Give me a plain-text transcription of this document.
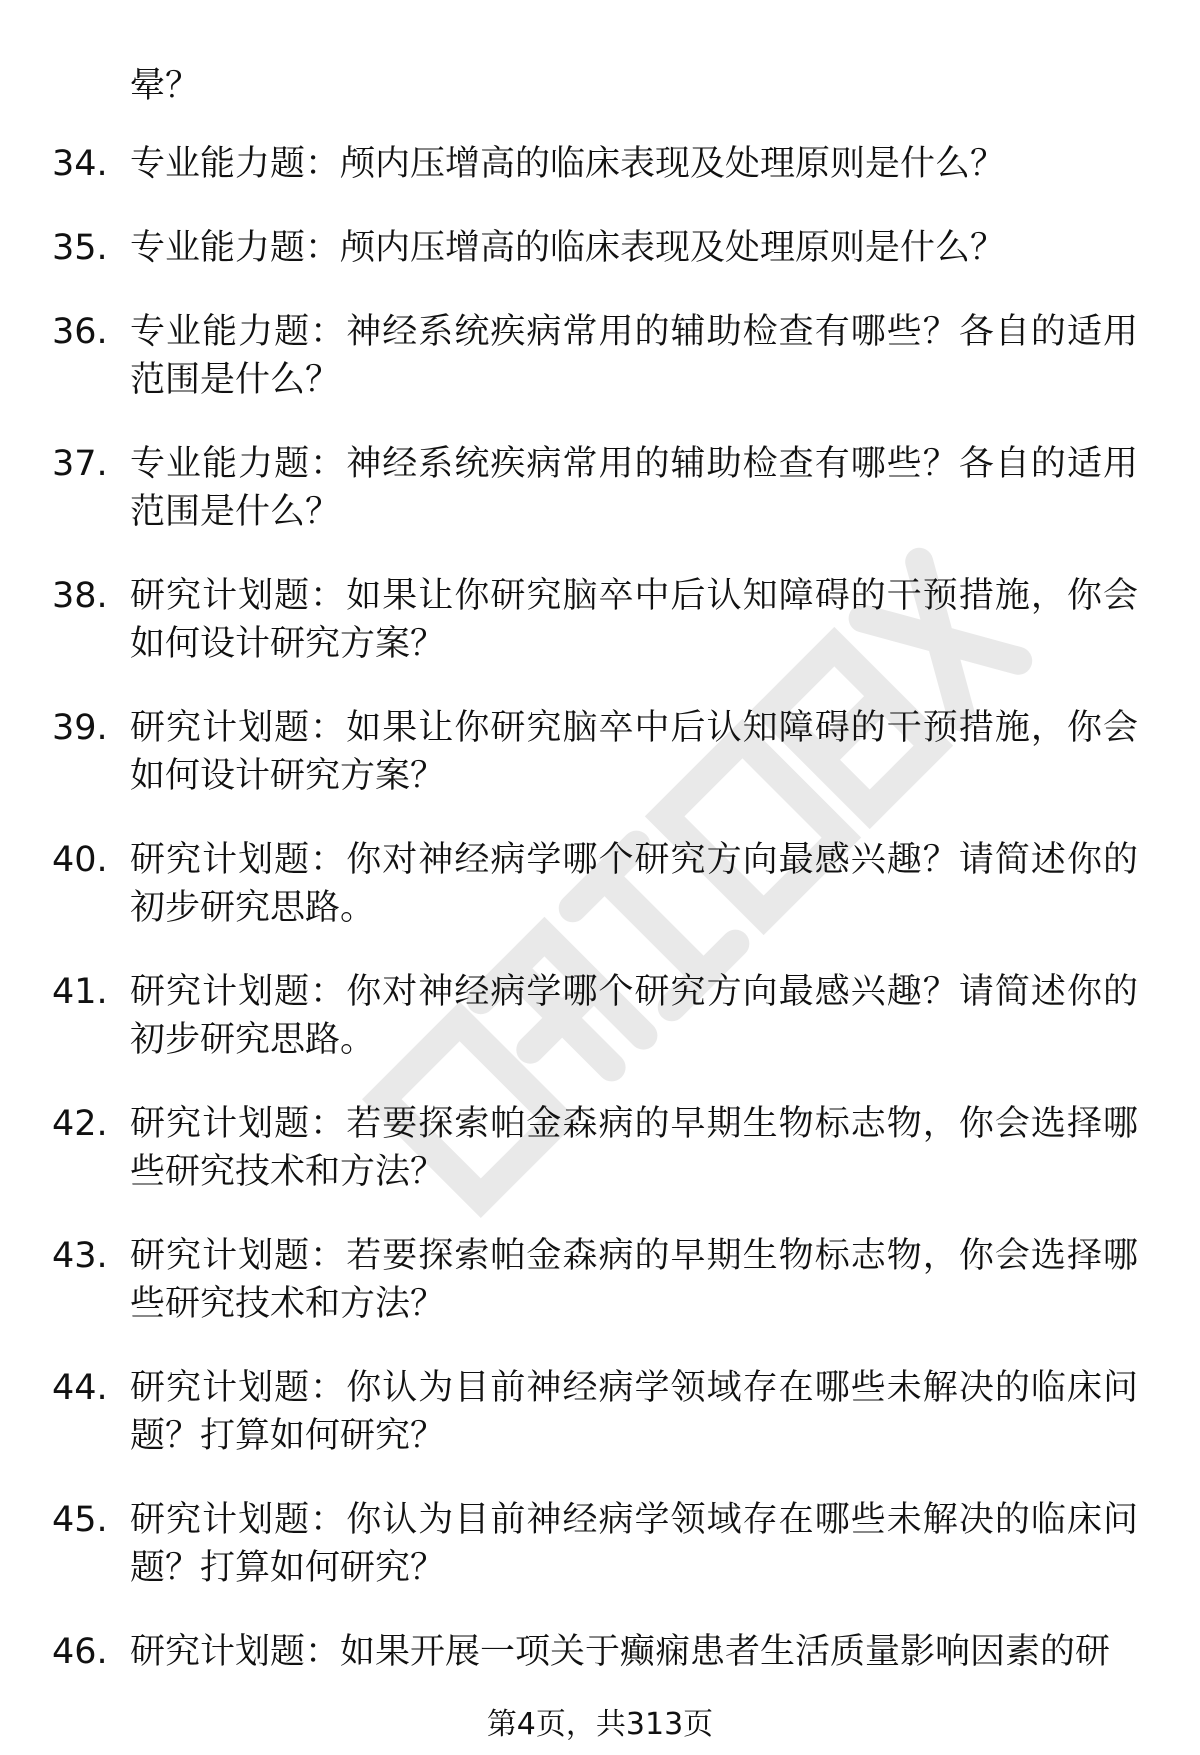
晕？
34. 专业能力题：颅内压增高的临床表现及处理原则是什么？
35. 专业能力题：颅内压增高的临床表现及处理原则是什么？
36. 专业能力题：神经系统疾病常用的辅助检查有哪些？各自的适用范围是什么？
37. 专业能力题：神经系统疾病常用的辅助检查有哪些？各自的适用范围是什么？
38. 研究计划题：如果让你研究脑卒中后认知障碍的干预措施，你会如何设计研究方案？
39. 研究计划题：如果让你研究脑卒中后认知障碍的干预措施，你会如何设计研究方案？
40. 研究计划题：你对神经病学哪个研究方向最感兴趣？请简述你的初步研究思路。
41. 研究计划题：你对神经病学哪个研究方向最感兴趣？请简述你的初步研究思路。
42. 研究计划题：若要探索帕金森病的早期生物标志物，你会选择哪些研究技术和方法？
43. 研究计划题：若要探索帕金森病的早期生物标志物，你会选择哪些研究技术和方法？
44. 研究计划题：你认为目前神经病学领域存在哪些未解决的临床问题？打算如何研究？
45. 研究计划题：你认为目前神经病学领域存在哪些未解决的临床问题？打算如何研究？
46. 研究计划题：如果开展一项关于癫痫患者生活质量影响因素的研
第4页，共313页
